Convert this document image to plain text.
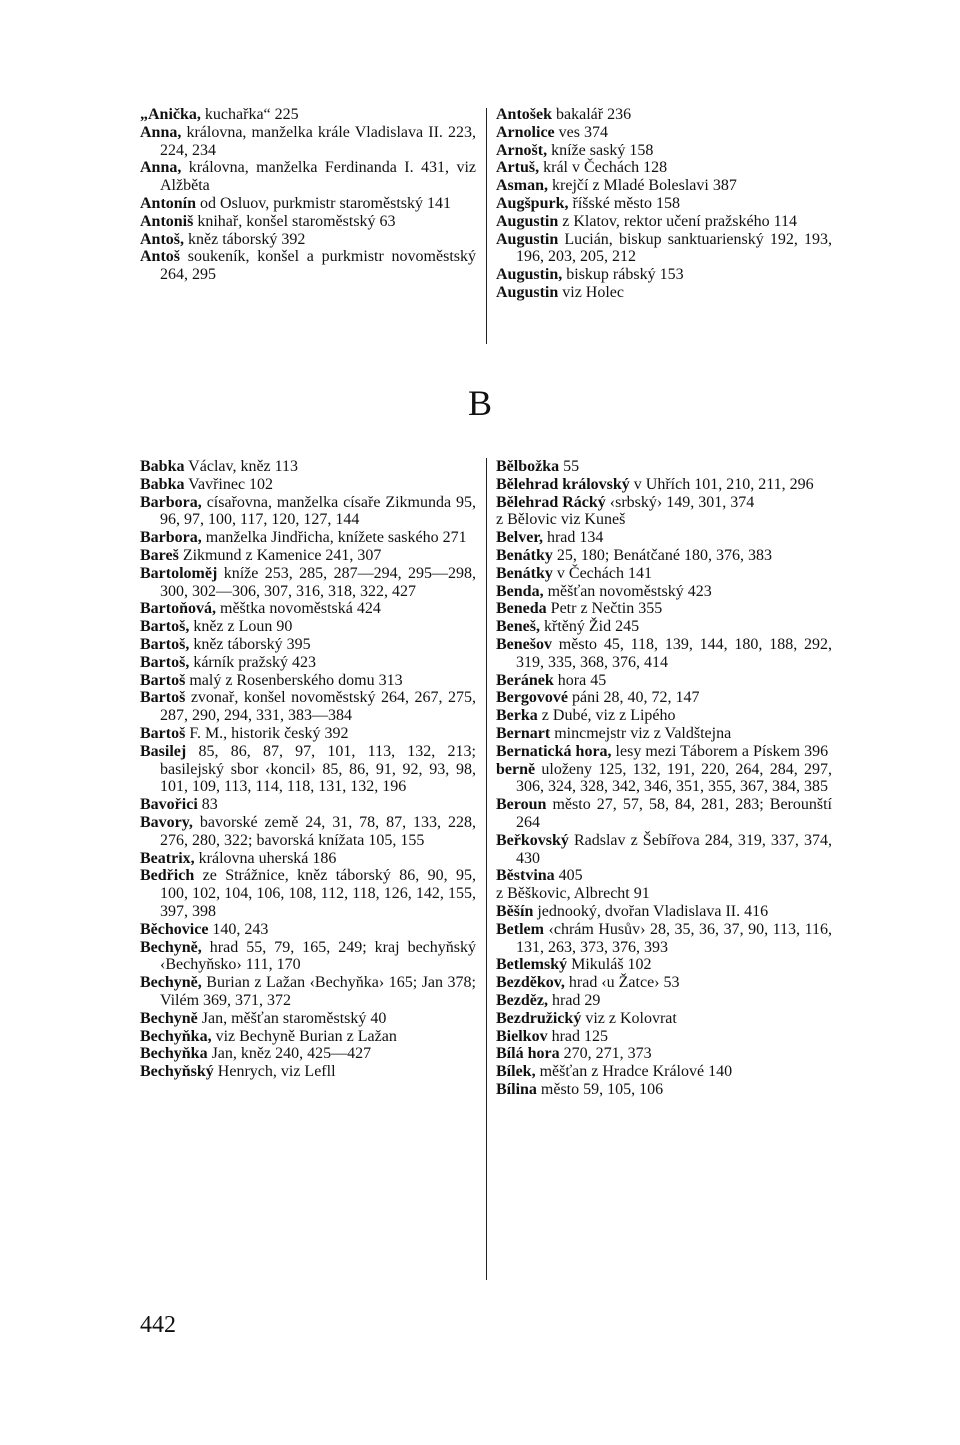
„Anička, kuchařka“ 225

Anna, královna, manželka krále Vladislava II. 223, 224, 234

Anna, královna, manželka Ferdinanda I. 431, viz Alžběta

Antonín od Osluov, purkmistr staroměstský 141

Antoniš knihař, konšel staroměstský 63

Antoš, kněz táborský 392

Antoš soukeník, konšel a purkmistr novoměstský 264, 295

Antošek bakalář 236

Arnolice ves 374

Arnošt, kníže saský 158

Artuš, král v Čechách 128

Asman, krejčí z Mladé Boleslavi 387

Augšpurk, říšské město 158

Augustin z Klatov, rektor učení pražského 114

Augustin Lucián, biskup sanktuarienský 192, 193, 196, 203, 205, 212

Augustin, biskup rábský 153

Augustin viz Holec

B

Babka Václav, kněz 113

Babka Vavřinec 102

Barbora, císařovna, manželka císaře Zikmunda 95, 96, 97, 100, 117, 120, 127, 144

Barbora, manželka Jindřicha, knížete saského 271

Bareš Zikmund z Kamenice 241, 307

Bartoloměj kníže 253, 285, 287—294, 295—298, 300, 302—306, 307, 316, 318, 322, 427

Bartoňová, měštka novoměstská 424

Bartoš, kněz z Loun 90

Bartoš, kněz táborský 395

Bartoš, kárník pražský 423

Bartoš malý z Rosenberského domu 313

Bartoš zvonař, konšel novoměstský 264, 267, 275, 287, 290, 294, 331, 383—384

Bartoš F. M., historik český 392

Basilej 85, 86, 87, 97, 101, 113, 132, 213; basilejský sbor ‹koncil› 85, 86, 91, 92, 93, 98, 101, 109, 113, 114, 118, 131, 132, 196

Bavořici 83

Bavory, bavorské země 24, 31, 78, 87, 133, 228, 276, 280, 322; bavorská knížata 105, 155

Beatrix, královna uherská 186

Bedřich ze Strážnice, kněz táborský 86, 90, 95, 100, 102, 104, 106, 108, 112, 118, 126, 142, 155, 397, 398

Běchovice 140, 243

Bechyně, hrad 55, 79, 165, 249; kraj bechyňský ‹Bechyňsko› 111, 170

Bechyně, Burian z Lažan ‹Bechyňka› 165; Jan 378; Vilém 369, 371, 372

Bechyně Jan, měšťan staroměstský 40

Bechyňka, viz Bechyně Burian z Lažan

Bechyňka Jan, kněz 240, 425—427

Bechyňský Henrych, viz Lefll

Bělbožka 55

Bělehrad královský v Uhřích 101, 210, 211, 296

Bělehrad Rácký ‹srbský› 149, 301, 374

z Bělovic viz Kuneš

Belver, hrad 134

Benátky 25, 180; Benátčané 180, 376, 383

Benátky v Čechách 141

Benda, měšťan novoměstský 423

Beneda Petr z Nečtin 355

Beneš, křtěný Žid 245

Benešov město 45, 118, 139, 144, 180, 188, 292, 319, 335, 368, 376, 414

Beránek hora 45

Bergovové páni 28, 40, 72, 147

Berka z Dubé, viz z Lipého

Bernart mincmejstr viz z Valdštejna

Bernatická hora, lesy mezi Táborem a Pískem 396

berně uloženy 125, 132, 191, 220, 264, 284, 297, 306, 324, 328, 342, 346, 351, 355, 367, 384, 385

Beroun město 27, 57, 58, 84, 281, 283; Berounští 264

Beřkovský Radslav z Šebířova 284, 319, 337, 374, 430

Běstvina 405

z Běškovic, Albrecht 91

Běšín jednooký, dvořan Vladislava II. 416

Betlem ‹chrám Husův› 28, 35, 36, 37, 90, 113, 116, 131, 263, 373, 376, 393

Betlemský Mikuláš 102

Bezděkov, hrad ‹u Žatce› 53

Bezděz, hrad 29

Bezdružický viz z Kolovrat

Bielkov hrad 125

Bílá hora 270, 271, 373

Bílek, měšťan z Hradce Králové 140

Bílina město 59, 105, 106

442
